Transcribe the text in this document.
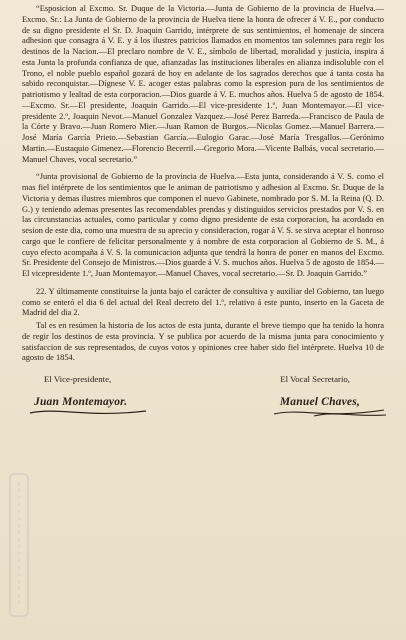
“Esposicion al Excmo. Sr. Duque de la Victoria.—Junta de Gobierno de la provincia de Huelva.—Excmo. Sr.: La Junta de Gobierno de la provincia de Huelva tiene la honra de ofrecer á V. E., por conducto de su digno presidente el Sr. D. Joaquin Garrido, intérprete de sus sentimientos, el homenaje de sincera adhesion que consagra á V. E. y á los ilustres patricios llamados en momentos tan solemnes para regir los destinos de la Nacion.—El preclaro nombre de V. E., símbolo de libertad, moralidad y justicia, inspira á esta Junta la profunda confianza de que, afianzadas las instituciones liberales en alianza indisoluble con el Trono, el noble pueblo español gozará de hoy en adelante de los sagrados derechos que á tanta costa ha sabido reconquistar.—Dígnese V. E. acoger estas palabras como la espresion pura de los sentimientos de patriotismo y lealtad de esta corporacion.—Dios guarde á V. E. muchos años. Huelva 5 de agosto de 1854.—Excmo. Sr.—El presidente, Joaquin Garrido.—El vice-presidente 1.º, Juan Montemayor.—El vice-presidente 2.º, Joaquin Nevot.—Manuel Gonzalez Vazquez.—José Perez Barreda.—Francisco de Paula de la Córte y Bravo.—Juan Romero Mier.—Juan Ramon de Burgos.—Nicolas Gomez.—Manuel Barrera.—José María García Prieto.—Sebastian García.—Eulogio Garac.—José María Tresgallos.—Gerónimo Martin.—Eustaquio Gimenez.—Florencio Becerril.—Gregorio Mora.—Vicente Balbás, vocal secretario.—Manuel Chaves, vocal secretario.”

“Junta provisional de Gobierno de la provincia de Huelva.—Esta junta, considerando á V. S. como el mas fiel intérprete de los sentimientos que le animan de patriotismo y adhesion al Excmo. Sr. Duque de la Victoria y demas ilustres miembros que componen el nuevo Gabinete, nombrado por S. M. la Reina (Q. D. G.) y teniendo ademas presentes las recomendables prendas y distinguidos servicios prestados por V. S. en las circunstancias actuales, como particular y como digno presidente de esta corporacion, ha acordado en sesion de este dia, como una muestra de su aprecio y consideracion, rogar á V. S. se sirva aceptar el honroso cargo que le confiere de felicitar personalmente y á nombre de esta corporacion al Gobierno de S. M., á cuyo efecto acompaña á V. S. la comunicacion adjunta que tendrá la honra de poner en manos del Excmo. Sr. Presidente del Consejo de Ministros.—Dios guarde á V. S. muchos años. Huelva 5 de agosto de 1854.—El vicepresidente 1.º, Juan Montemayor.—Manuel Chaves, vocal secretario.—Sr. D. Joaquin Garrido.”

22. Y últimamente constituirse la junta bajo el carácter de consultiva y auxiliar del Gobierno, tan luego como se enteró el dia 6 del actual del Real decreto del 1.º, relativo á este punto, inserto en la Gaceta de Madrid del dia 2.

Tal es en resúmen la historia de los actos de esta junta, durante el breve tiempo que ha tenido la honra de regir los destinos de esta provincia. Y se publica por acuerdo de la misma junta para conocimiento y satisfaccion de sus representados, de cuyos votos y opiniones cree haber sido fiel intérprete. Huelva 10 de agosto de 1854.

El Vice-presidente,	El Vocal Secretario,
Juan Montemayor.	Manuel Chaves,
